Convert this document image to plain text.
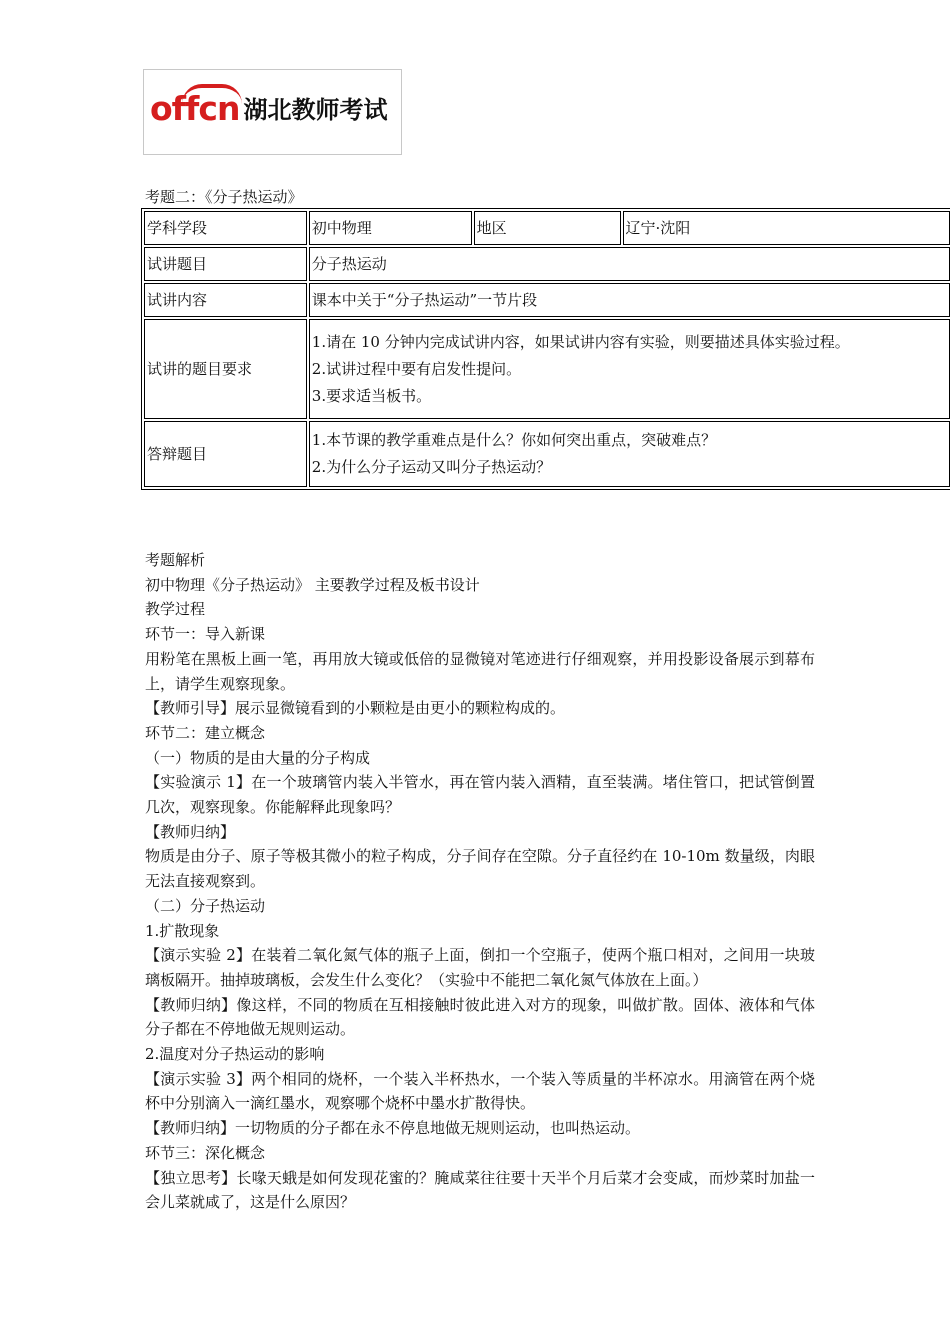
offcn 湖北教师考试
考题二：《分子热运动》
学科学段	初中物理	地区	辽宁·沈阳
试讲题目	分子热运动		
试讲内容	课本中关于“分子热运动”一节片段		
试讲的题目要求	1.请在 10 分钟内完成试讲内容，如果试讲内容有实验，则要描述具体实验过程。

2.试讲过程中要有启发性提问。

3.要求适当板书。		

答辩题目	1.本节课的教学重难点是什么？你如何突出重点，突破难点？

2.为什么分子运动又叫分子热运动？		

考题解析

初中物理《分子热运动》 主要教学过程及板书设计

教学过程

环节一：导入新课

用粉笔在黑板上画一笔，再用放大镜或低倍的显微镜对笔迹进行仔细观察，并用投影设备展示到幕布上，请学生观察现象。

【教师引导】展示显微镜看到的小颗粒是由更小的颗粒构成的。

环节二：建立概念

（一）物质的是由大量的分子构成

【实验演示 1】在一个玻璃管内装入半管水，再在管内装入酒精，直至装满。堵住管口，把试管倒置几次，观察现象。你能解释此现象吗？

【教师归纳】

物质是由分子、原子等极其微小的粒子构成，分子间存在空隙。分子直径约在 10-10m 数量级，肉眼无法直接观察到。

（二）分子热运动

1.扩散现象

【演示实验 2】在装着二氧化氮气体的瓶子上面，倒扣一个空瓶子，使两个瓶口相对，之间用一块玻璃板隔开。抽掉玻璃板，会发生什么变化？（实验中不能把二氧化氮气体放在上面。）

【教师归纳】像这样，不同的物质在互相接触时彼此进入对方的现象，叫做扩散。固体、液体和气体分子都在不停地做无规则运动。

2.温度对分子热运动的影响

【演示实验 3】两个相同的烧杯，一个装入半杯热水，一个装入等质量的半杯凉水。用滴管在两个烧杯中分别滴入一滴红墨水，观察哪个烧杯中墨水扩散得快。

【教师归纳】一切物质的分子都在永不停息地做无规则运动，也叫热运动。

环节三：深化概念

【独立思考】长喙天蛾是如何发现花蜜的？腌咸菜往往要十天半个月后菜才会变咸，而炒菜时加盐一会儿菜就咸了，这是什么原因？
